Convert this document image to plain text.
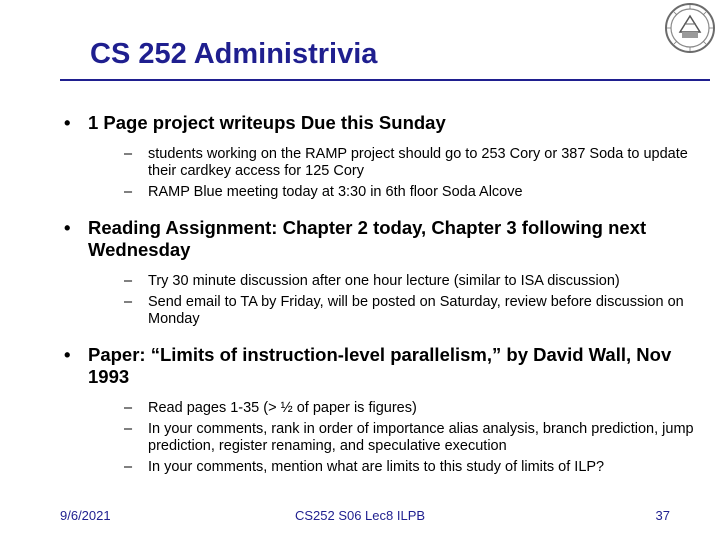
CS 252 Administrivia
• 1 Page project writeups Due this Sunday
– students working on the RAMP project should go to 253 Cory or 387 Soda to update their cardkey access for 125 Cory
– RAMP Blue meeting today at 3:30 in 6th floor Soda Alcove
• Reading Assignment: Chapter 2 today, Chapter 3 following next Wednesday
– Try 30 minute discussion after one hour lecture (similar to ISA discussion)
– Send email to TA by Friday, will be posted on Saturday, review before discussion on Monday
• Paper: “Limits of instruction-level parallelism,” by David Wall, Nov 1993
– Read pages 1-35 (> ½ of paper is figures)
– In your comments, rank in order of importance alias analysis, branch prediction, jump prediction, register renaming, and speculative execution
– In your comments, mention what are limits to this study of limits of ILP?
9/6/2021	CS252 S06 Lec8 ILPB	37
